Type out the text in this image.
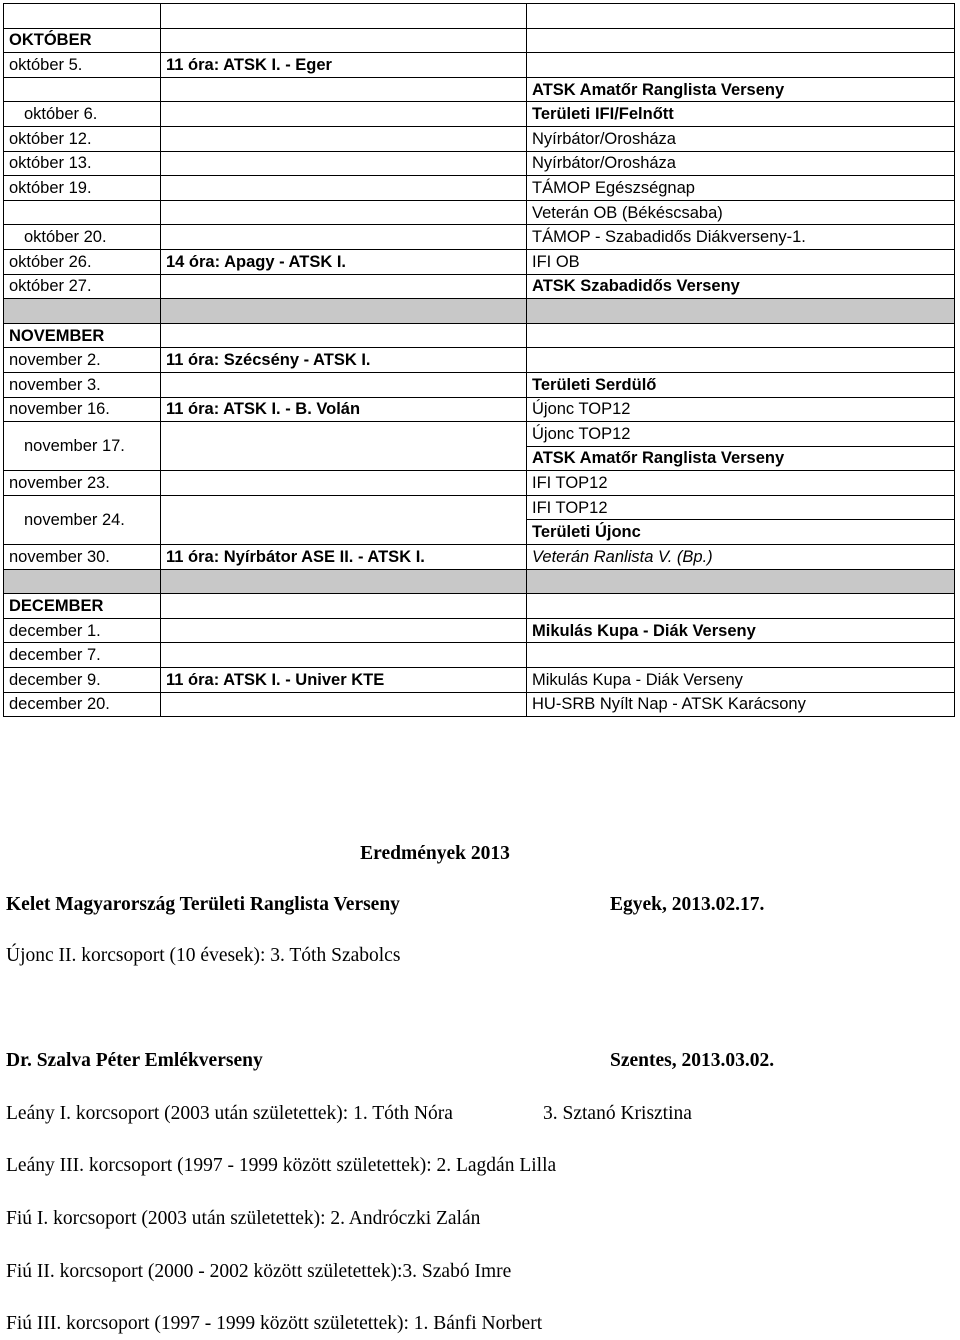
OKTÓBER		
október 5.	11 óra: ATSK I. - Eger	
		ATSK Amatőr Ranglista Verseny
október 6.		Területi IFI/Felnőtt
október 12.		Nyírbátor/Orosháza
október 13.		Nyírbátor/Orosháza
október 19.		TÁMOP Egészségnap
		Veterán OB (Békéscsaba)
október 20.		TÁMOP - Szabadidős Diákverseny-1.
október 26.	14 óra: Apagy - ATSK I.	IFI OB
október 27.		ATSK Szabadidős Verseny

NOVEMBER		
november 2.	11 óra: Szécsény - ATSK I.	
november 3.		Területi Serdülő
november 16.	11 óra: ATSK I. - B. Volán	Újonc TOP12
november 17.		Újonc TOP12
		ATSK Amatőr Ranglista Verseny
november 23.		IFI TOP12
november 24.		IFI TOP12
		Területi Újonc
november 30.	11 óra: Nyírbátor ASE II. - ATSK I.	Veterán Ranlista V. (Bp.)

DECEMBER		
december 1.		Mikulás Kupa - Diák Verseny
december 7.		
december 9.	11 óra: ATSK I. - Univer KTE	Mikulás Kupa - Diák Verseny
december 20.		HU-SRB Nyílt Nap - ATSK Karácsony
Eredmények 2013
Kelet Magyarország Területi Ranglista Verseny	Egyek, 2013.02.17.
Újonc II. korcsoport (10 évesek): 3. Tóth Szabolcs
Dr. Szalva Péter Emlékverseny	Szentes, 2013.03.02.
Leány I. korcsoport (2003 után születettek): 1. Tóth Nóra	3. Sztanó Krisztina
Leány III. korcsoport (1997 - 1999 között születettek): 2. Lagdán Lilla
Fiú I. korcsoport (2003 után születettek): 2. Andróczki Zalán
Fiú II. korcsoport (2000 - 2002 között születettek):3. Szabó Imre
Fiú III. korcsoport (1997 - 1999 között születettek): 1. Bánfi Norbert
